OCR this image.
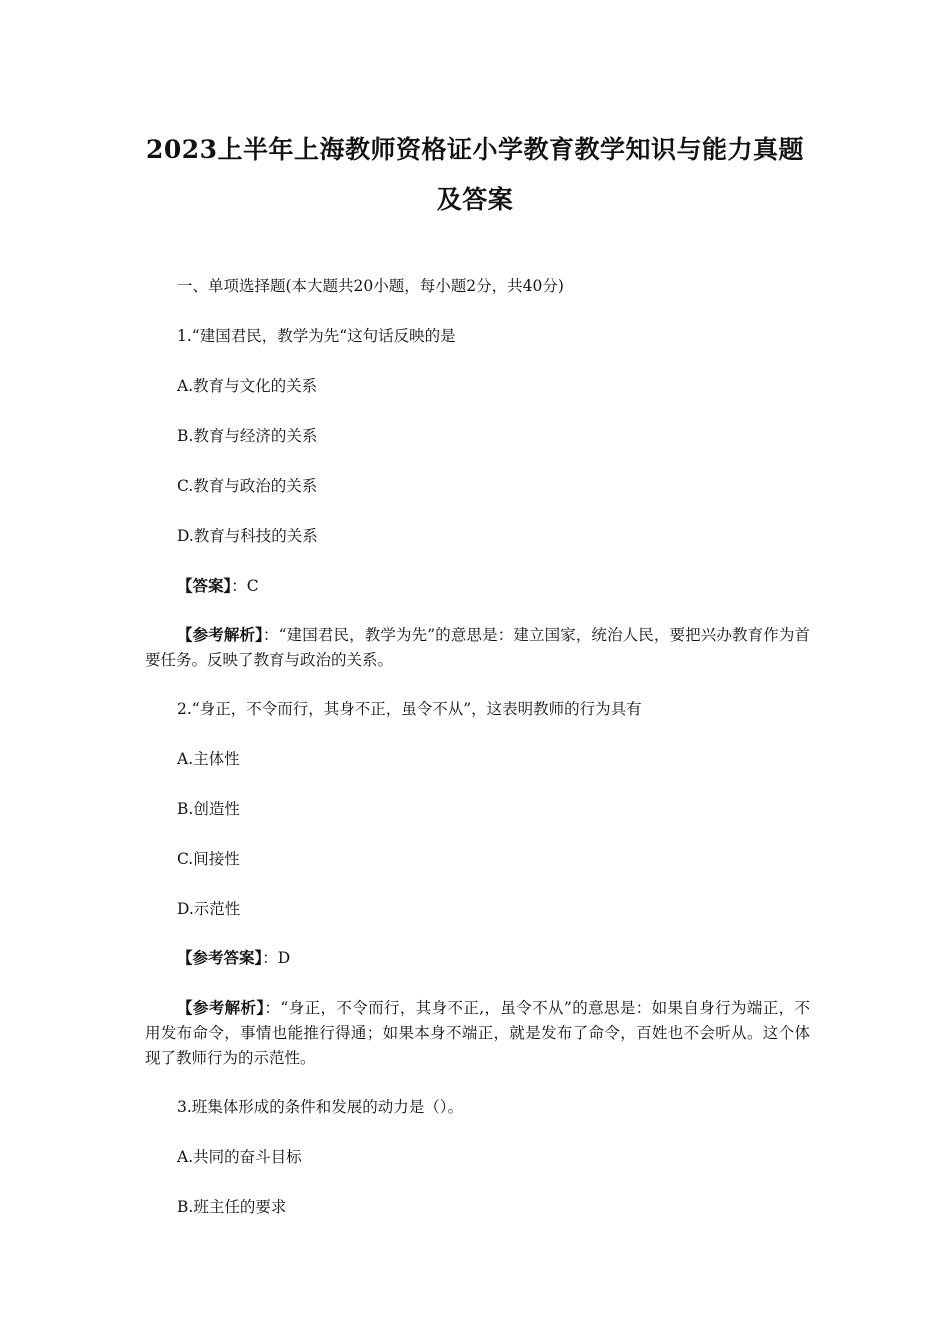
2023上半年上海教师资格证小学教育教学知识与能力真题
及答案
一、单项选择题(本大题共20小题，每小题2分，共40分)
1.“建国君民，教学为先“这句话反映的是
A.教育与文化的关系
B.教育与经济的关系
C.教育与政治的关系
D.教育与科技的关系
【答案】：C
【参考解析】：“建国君民，教学为先”的意思是：建立国家，统治人民，要把兴办教育作为首要任务。反映了教育与政治的关系。
2.“身正，不令而行，其身不正，虽令不从”，这表明教师的行为具有
A.主体性
B.创造性
C.间接性
D.示范性
【参考答案】：D
【参考解析】：“身正，不令而行，其身不正,，虽令不从”的意思是：如果自身行为端正，不用发布命令，事情也能推行得通；如果本身不端正，就是发布了命令，百姓也不会听从。这个体现了教师行为的示范性。
3.班集体形成的条件和发展的动力是（）。
A.共同的奋斗目标
B.班主任的要求
